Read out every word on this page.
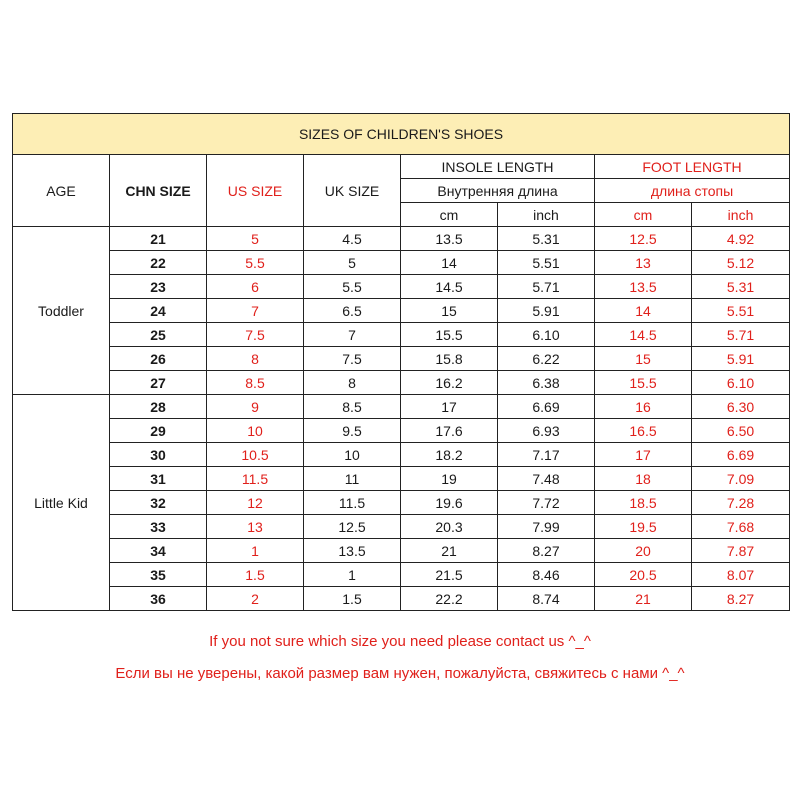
SIZES OF CHILDREN'S SHOES							
AGE	CHN SIZE	US SIZE	UK SIZE	INSOLE LENGTH		FOOT LENGTH	
				Внутренняя длина		длина стопы	
				cm	inch	cm	inch
Toddler	21	5	4.5	13.5	5.31	12.5	4.92
	22	5.5	5	14	5.51	13	5.12
	23	6	5.5	14.5	5.71	13.5	5.31
	24	7	6.5	15	5.91	14	5.51
	25	7.5	7	15.5	6.10	14.5	5.71
	26	8	7.5	15.8	6.22	15	5.91
	27	8.5	8	16.2	6.38	15.5	6.10
Little Kid	28	9	8.5	17	6.69	16	6.30
	29	10	9.5	17.6	6.93	16.5	6.50
	30	10.5	10	18.2	7.17	17	6.69
	31	11.5	11	19	7.48	18	7.09
	32	12	11.5	19.6	7.72	18.5	7.28
	33	13	12.5	20.3	7.99	19.5	7.68
	34	1	13.5	21	8.27	20	7.87
	35	1.5	1	21.5	8.46	20.5	8.07
	36	2	1.5	22.2	8.74	21	8.27
If you not sure which size you need please contact us ^_^
Если вы не уверены, какой размер вам нужен, пожалуйста, свяжитесь с нами ^_^
